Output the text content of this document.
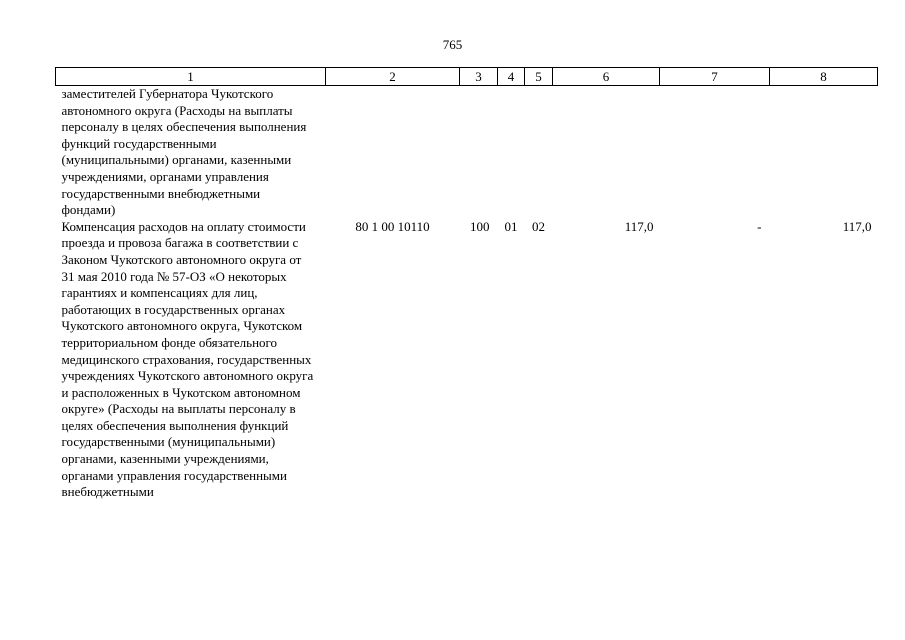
765
1	2	3	4	5	6	7	8

заместителей Губернатора Чукотского автономного округа (Расходы на выплаты персоналу в целях обеспечения выполнения функций государственными (муниципальными) органами, казенными учреждениями, органами управления государственными внебюджетными фондами)							

Компенсация расходов на оплату стоимости проезда и провоза багажа в соответствии с Законом Чукотского автономного округа от 31 мая 2010 года № 57-ОЗ «О некоторых гарантиях и компенсациях для лиц, работающих в государственных органах Чукотского автономного округа, Чукотском территориальном фонде обязательного медицинского страхования, государственных учреждениях Чукотского автономного округа и расположенных в Чукотском автономном округе» (Расходы на выплаты персоналу в целях обеспечения выполнения функций государственными (муниципальными) органами, казенными учреждениями, органами управления государственными внебюджетными	80 1 00 10110	100	01	02	117,0	-	117,0
